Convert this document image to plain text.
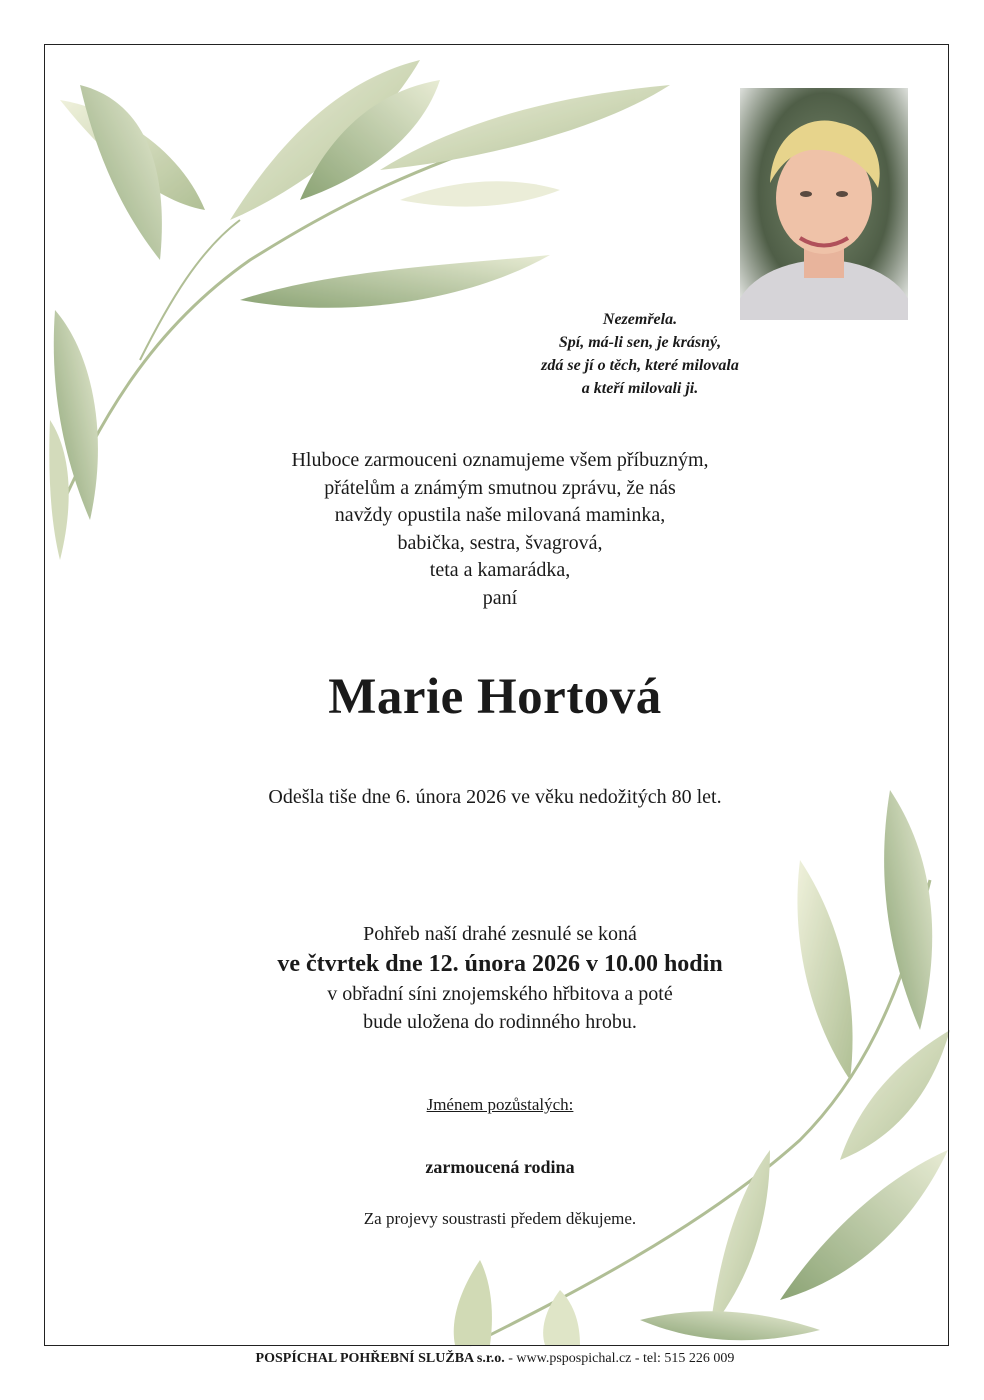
Nezemřela.
Spí, má-li sen, je krásný,
zdá se jí o těch, které milovala
a kteří milovali ji.
Hluboce zarmouceni oznamujeme všem příbuzným,
přátelům a známým smutnou zprávu, že nás
navždy opustila naše milovaná maminka,
babička, sestra, švagrová,
teta a kamarádka,
paní
Marie Hortová
Odešla tiše dne 6. února 2026 ve věku nedožitých 80 let.
Pohřeb naší drahé zesnulé se koná
ve čtvrtek dne 12. února 2026 v 10.00 hodin
v obřadní síni znojemského hřbitova a poté
bude uložena do rodinného hrobu.
Jménem pozůstalých:
zarmoucená rodina
Za projevy soustrasti předem děkujeme.
POSPÍCHAL POHŘEBNÍ SLUŽBA s.r.o. - www.pspospichal.cz - tel: 515 226 009
